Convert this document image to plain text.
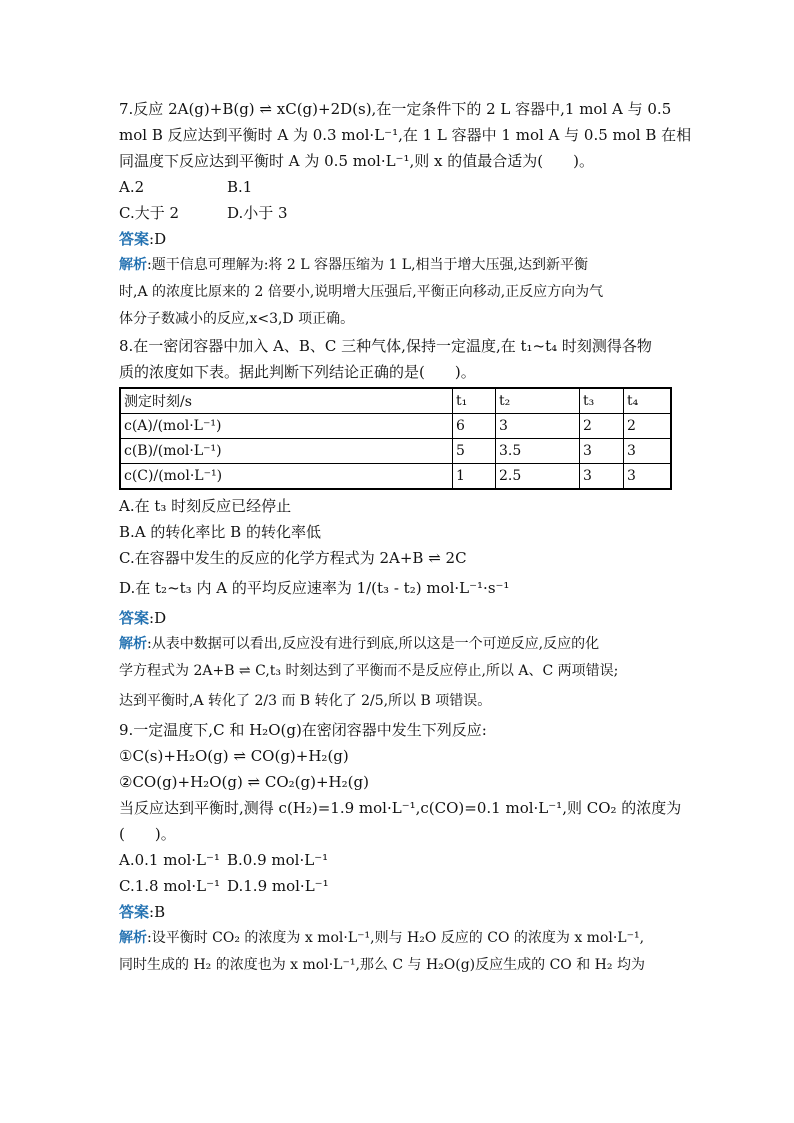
7.反应 2A(g)+B(g) ⇌ xC(g)+2D(s),在一定条件下的 2 L 容器中,1 mol A 与 0.5
mol B 反应达到平衡时 A 为 0.3 mol·L⁻¹,在 1 L 容器中 1 mol A 与 0.5 mol B 在相
同温度下反应达到平衡时 A 为 0.5 mol·L⁻¹,则 x 的值最合适为(　　)。
A.2	B.1
C.大于 2	D.小于 3
答案:D
解析:题干信息可理解为:将 2 L 容器压缩为 1 L,相当于增大压强,达到新平衡
时,A 的浓度比原来的 2 倍要小,说明增大压强后,平衡正向移动,正反应方向为气
体分子数减小的反应,x<3,D 项正确。
8.在一密闭容器中加入 A、B、C 三种气体,保持一定温度,在 t₁~t₄ 时刻测得各物
质的浓度如下表。据此判断下列结论正确的是(　　)。
测定时刻/s	t₁	t₂	t₃	t₄
c(A)/(mol·L⁻¹)	6	3	2	2
c(B)/(mol·L⁻¹)	5	3.5	3	3
c(C)/(mol·L⁻¹)	1	2.5	3	3
A.在 t₃ 时刻反应已经停止
B.A 的转化率比 B 的转化率低
C.在容器中发生的反应的化学方程式为 2A+B ⇌ 2C
D.在 t₂~t₃ 内 A 的平均反应速率为 1/(t₃ - t₂) mol·L⁻¹·s⁻¹
答案:D
解析:从表中数据可以看出,反应没有进行到底,所以这是一个可逆反应,反应的化
学方程式为 2A+B ⇌ C,t₃ 时刻达到了平衡而不是反应停止,所以 A、C 两项错误;
达到平衡时,A 转化了 2/3 而 B 转化了 2/5,所以 B 项错误。
9.一定温度下,C 和 H₂O(g)在密闭容器中发生下列反应:
①C(s)+H₂O(g) ⇌ CO(g)+H₂(g)
②CO(g)+H₂O(g) ⇌ CO₂(g)+H₂(g)
当反应达到平衡时,测得 c(H₂)=1.9 mol·L⁻¹,c(CO)=0.1 mol·L⁻¹,则 CO₂ 的浓度为
(　　)。
A.0.1 mol·L⁻¹ B.0.9 mol·L⁻¹
C.1.8 mol·L⁻¹ D.1.9 mol·L⁻¹
答案:B
解析:设平衡时 CO₂ 的浓度为 x mol·L⁻¹,则与 H₂O 反应的 CO 的浓度为 x mol·L⁻¹,
同时生成的 H₂ 的浓度也为 x mol·L⁻¹,那么 C 与 H₂O(g)反应生成的 CO 和 H₂ 均为
